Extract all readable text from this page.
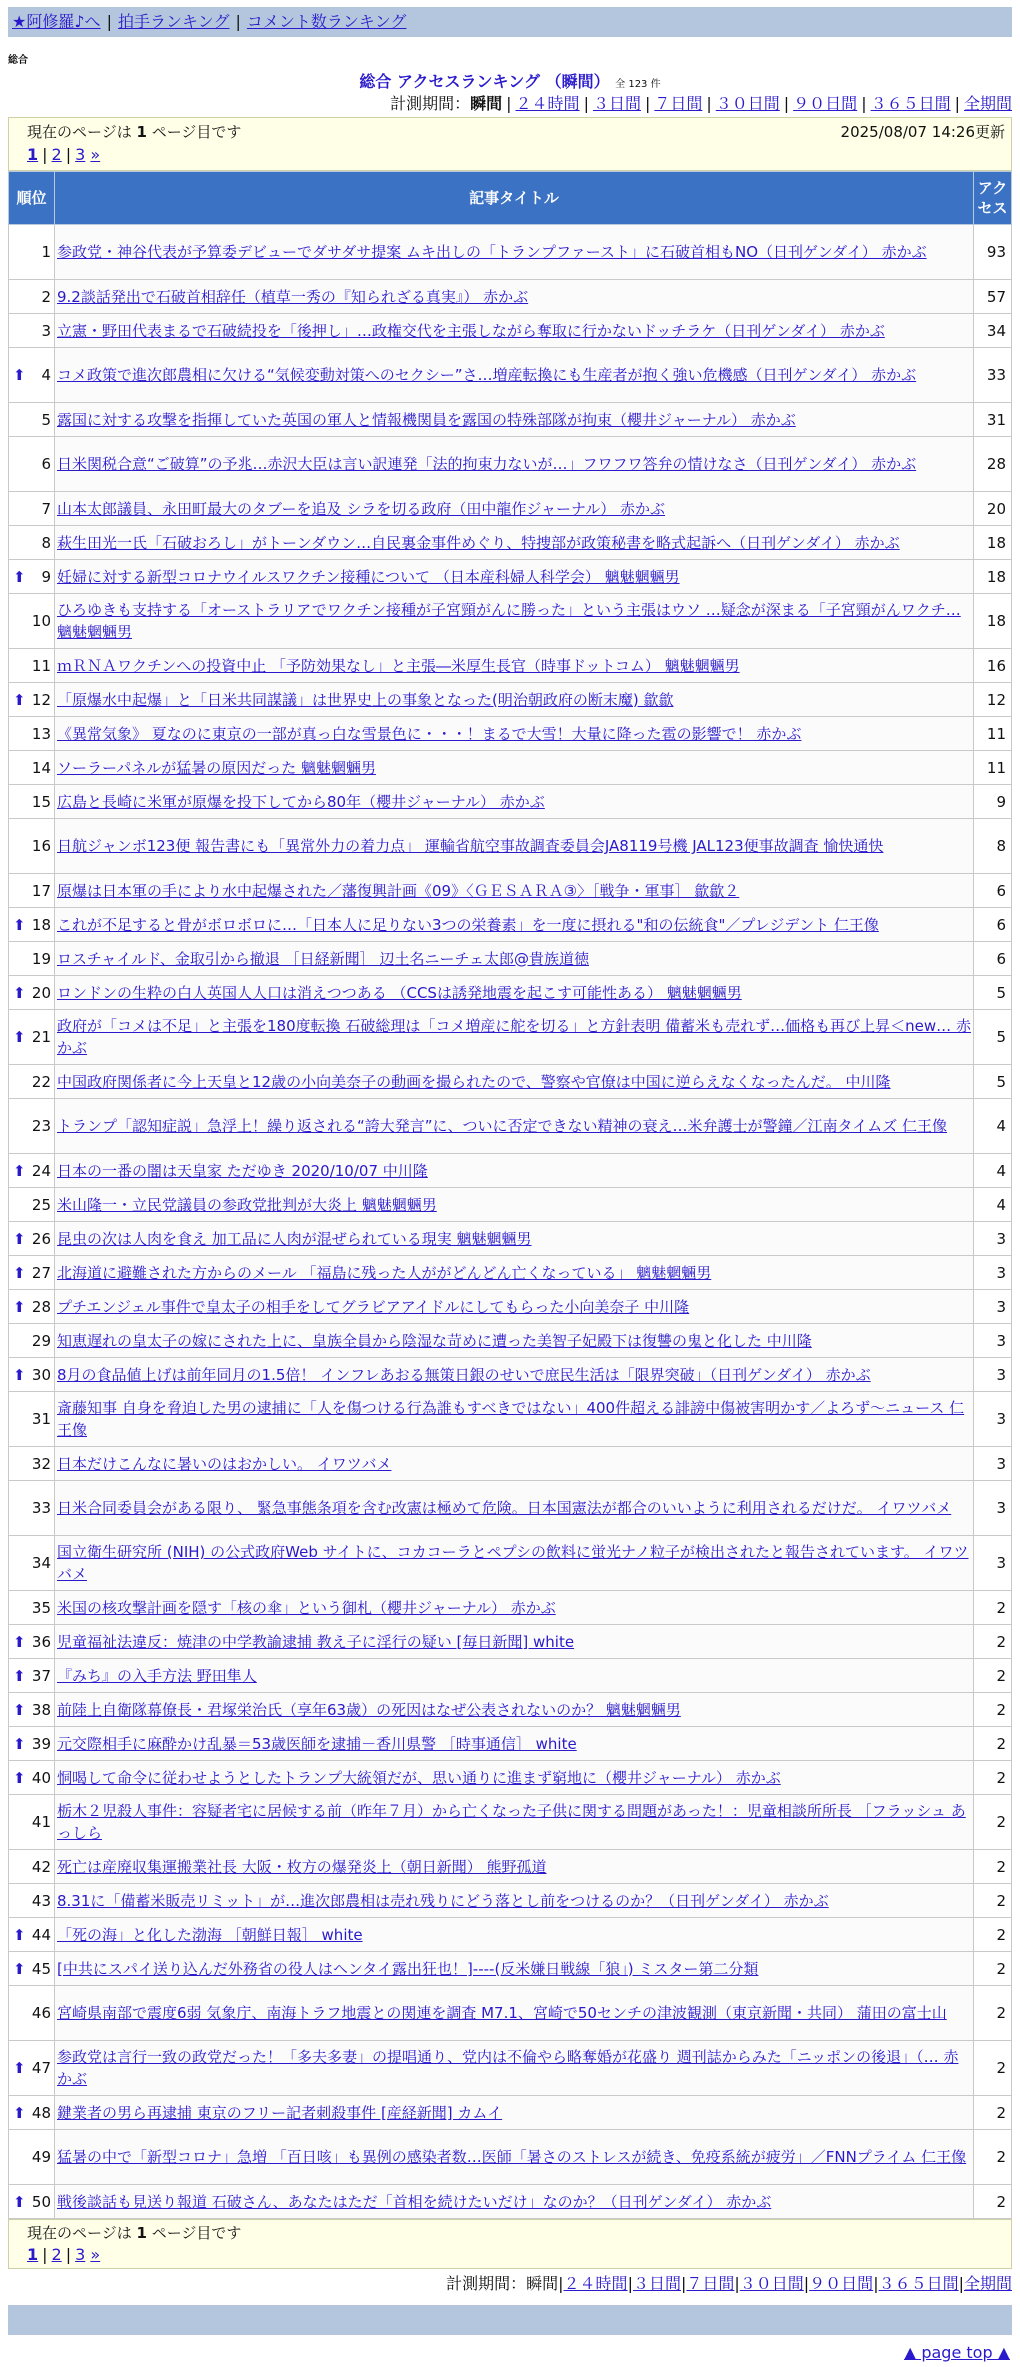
★阿修羅♪へ | 拍手ランキング | コメント数ランキング
総合
総合 アクセスランキング （瞬間） 全 123 件
計測期間：瞬間 | ２４時間 | ３日間 | ７日間 | ３０日間 | ９０日間 | ３６５日間 | 全期間
現在のページは 1 ページ目です	2025/08/07 14:26更新
1 | 2 | 3 »
順位	記事タイトル	アクセス
1	参政党・神谷代表が予算委デビューでダサダサ提案 ムキ出しの「トランプファースト」に石破首相もNO（日刊ゲンダイ） 赤かぶ	93
2	9.2談話発出で石破首相辞任（植草一秀の『知られざる真実』） 赤かぶ	57
3	立憲・野田代表まるで石破続投を「後押し」…政権交代を主張しながら奪取に行かないドッチラケ（日刊ゲンダイ） 赤かぶ	34

⬆ 4	コメ政策で進次郎農相に欠ける“気候変動対策へのセクシー”さ…増産転換にも生産者が抱く強い危機感（日刊ゲンダイ） 赤かぶ	33
5	露国に対する攻撃を指揮していた英国の軍人と情報機関員を露国の特殊部隊が拘束（櫻井ジャーナル） 赤かぶ	31
6	日米関税合意“ご破算”の予兆…赤沢大臣は言い訳連発「法的拘束力ないが…」フワフワ答弁の情けなさ（日刊ゲンダイ） 赤かぶ	28
7	山本太郎議員、永田町最大のタブーを追及 シラを切る政府（田中龍作ジャーナル） 赤かぶ	20
8	萩生田光一氏「石破おろし」がトーンダウン…自民裏金事件めぐり、特捜部が政策秘書を略式起訴へ（日刊ゲンダイ） 赤かぶ	18

⬆ 9	妊婦に対する新型コロナウイルスワクチン接種について （日本産科婦人科学会） 魑魅魍魎男	18
10	ひろゆきも支持する「オーストラリアでワクチン接種が子宮頸がんに勝った」という主張はウソ …疑念が深まる「子宮頸がんワクチ… 魑魅魍魎男	18
11	ｍＲＮＡワクチンへの投資中止 「予防効果なし」と主張―米厚生長官（時事ドットコム） 魑魅魍魎男	16

⬆ 12	「原爆水中起爆」と「日米共同謀議」は世界史上の事象となった(明治朝政府の断末魔) 歙歙	12
13	《異常気象》 夏なのに東京の一部が真っ白な雪景色に・・・！まるで大雪！大量に降った雹の影響で！ 赤かぶ	11
14	ソーラーパネルが猛暑の原因だった 魑魅魍魎男	11
15	広島と長崎に米軍が原爆を投下してから80年（櫻井ジャーナル） 赤かぶ	9
16	日航ジャンボ123便 報告書にも「異常外力の着力点」 運輸省航空事故調査委員会JA8119号機 JAL123便事故調査 愉快通快	8
17	原爆は日本軍の手により水中起爆された／藩復興計画《09》〈ＧＥＳＡＲＡ③〉［戦争・軍事］ 歙歙２	6

⬆ 18	これが不足すると骨がボロボロに…「日本人に足りない3つの栄養素」を一度に摂れる"和の伝統食"／プレジデント 仁王像	6
19	ロスチャイルド、金取引から撤退 ［日経新聞］ 辺土名ニーチェ太郎@貴族道徳	6

⬆ 20	ロンドンの生粋の白人英国人人口は消えつつある （CCSは誘発地震を起こす可能性ある） 魑魅魍魎男	5

⬆ 21	政府が「コメは不足」と主張を180度転換 石破総理は「コメ増産に舵を切る」と方針表明 備蓄米も売れず…価格も再び上昇＜new… 赤かぶ	5
22	中国政府関係者に今上天皇と12歳の小向美奈子の動画を撮られたので、警察や官僚は中国に逆らえなくなったんだ。 中川隆	5
23	トランプ「認知症説」急浮上！繰り返される“誇大発言”に、ついに否定できない精神の衰え…米弁護士が警鐘／江南タイムズ 仁王像	4

⬆ 24	日本の一番の闇は天皇家 ただゆき 2020/10/07 中川隆	4
25	米山隆一・立民党議員の参政党批判が大炎上 魑魅魍魎男	4

⬆ 26	昆虫の次は人肉を食え 加工品に人肉が混ぜられている現実 魑魅魍魎男	3

⬆ 27	北海道に避難された方からのメール 「福島に残った人ががどんどん亡くなっている」 魑魅魍魎男	3

⬆ 28	プチエンジェル事件で皇太子の相手をしてグラビアアイドルにしてもらった小向美奈子 中川隆	3
29	知恵遅れの皇太子の嫁にされた上に、皇族全員から陰湿な苛めに遭った美智子妃殿下は復讐の鬼と化した 中川隆	3

⬆ 30	8月の食品値上げは前年同月の1.5倍！ インフレあおる無策日銀のせいで庶民生活は「限界突破」（日刊ゲンダイ） 赤かぶ	3
31	斎藤知事 自身を脅迫した男の逮捕に「人を傷つける行為誰もすべきではない」400件超える誹謗中傷被害明かす／よろず〜ニュース 仁王像	3
32	日本だけこんなに暑いのはおかしい。 イワツバメ	3
33	日米合同委員会がある限り、 緊急事態条項を含む改憲は極めて危険。日本国憲法が都合のいいように利用されるだけだ。 イワツバメ	3
34	国立衛生研究所 (NIH) の公式政府Web サイトに、コカコーラとペプシの飲料に蛍光ナノ粒子が検出されたと報告されています。 イワツバメ	3
35	米国の核攻撃計画を隠す「核の傘」という御札（櫻井ジャーナル） 赤かぶ	2

⬆ 36	児童福祉法違反：焼津の中学教諭逮捕 教え子に淫行の疑い [毎日新聞] white	2

⬆ 37	『みち』の入手方法 野田隼人	2

⬆ 38	前陸上自衛隊幕僚長・君塚栄治氏（享年63歳）の死因はなぜ公表されないのか？ 魑魅魍魎男	2

⬆ 39	元交際相手に麻酔かけ乱暴＝53歳医師を逮捕－香川県警 ［時事通信］ white	2

⬆ 40	恫喝して命令に従わせようとしたトランプ大統領だが、思い通りに進まず窮地に（櫻井ジャーナル） 赤かぶ	2
41	栃木２児殺人事件：容疑者宅に居候する前（昨年７月）から亡くなった子供に関する問題があった！：児童相談所所長 ［フラッシュ あっしら	2
42	死亡は産廃収集運搬業社長 大阪・枚方の爆発炎上（朝日新聞） 熊野孤道	2
43	8.31に「備蓄米販売リミット」が…進次郎農相は売れ残りにどう落とし前をつけるのか？（日刊ゲンダイ） 赤かぶ	2

⬆ 44	「死の海」と化した渤海 ［朝鮮日報］ white	2

⬆ 45	[中共にスパイ送り込んだ外務省の役人はヘンタイ露出狂也！]----(反米嫌日戦線「狼」) ミスター第二分類	2
46	宮崎県南部で震度6弱 気象庁、南海トラフ地震との関連を調査 M7.1、宮崎で50センチの津波観測（東京新聞・共同） 蒲田の富士山	2

⬆ 47	参政党は言行一致の政党だった！「多夫多妻」の提唱通り、党内は不倫やら略奪婚が花盛り 週刊誌からみた「ニッポンの後退」（… 赤かぶ	2

⬆ 48	鍵業者の男ら再逮捕 東京のフリー記者刺殺事件 [産経新聞] カムイ	2
49	猛暑の中で「新型コロナ」急増 「百日咳」も異例の感染者数…医師「暑さのストレスが続き、免疫系統が疲労」／FNNプライム 仁王像	2

⬆ 50	戦後談話も見送り報道 石破さん、あなたはただ「首相を続けたいだけ」なのか？（日刊ゲンダイ） 赤かぶ	2
現在のページは 1 ページ目です
1 | 2 | 3 »
計測期間：瞬間|２４時間|３日間|７日間|３０日間|９０日間|３６５日間|全期間
▲ page top ▲
